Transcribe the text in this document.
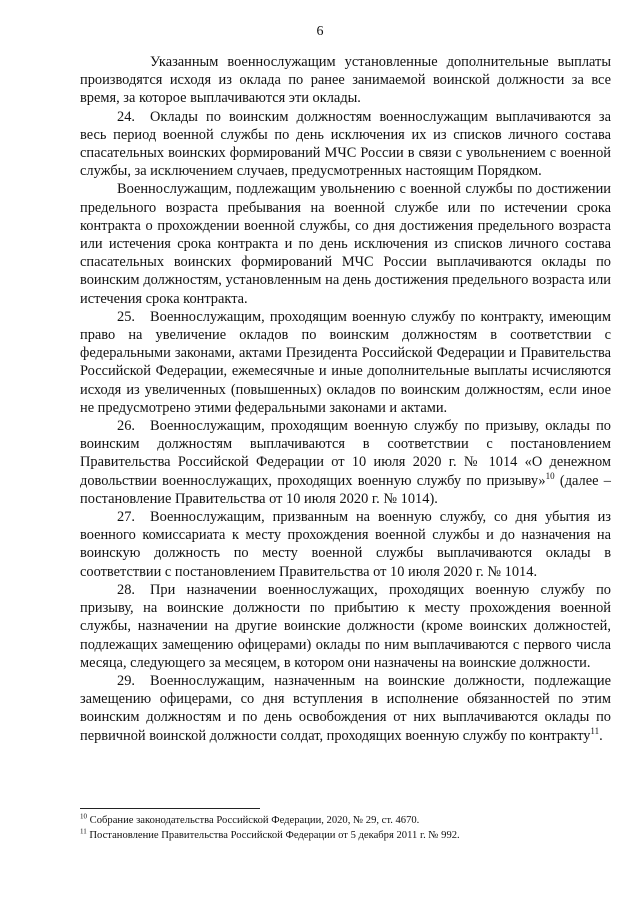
6

Указанным военнослужащим установленные дополнительные выплаты производятся исходя из оклада по ранее занимаемой воинской должности за все время, за которое выплачиваются эти оклады.

24. Оклады по воинским должностям военнослужащим выплачиваются за весь период военной службы по день исключения их из списков личного состава спасательных воинских формирований МЧС России в связи с увольнением с военной службы, за исключением случаев, предусмотренных настоящим Порядком.

Военнослужащим, подлежащим увольнению с военной службы по достижении предельного возраста пребывания на военной службе или по истечении срока контракта о прохождении военной службы, со дня достижения предельного возраста или истечения срока контракта и по день исключения из списков личного состава спасательных воинских формирований МЧС России выплачиваются оклады по воинским должностям, установленным на день достижения предельного возраста или истечения срока контракта.

25. Военнослужащим, проходящим военную службу по контракту, имеющим право на увеличение окладов по воинским должностям в соответствии с федеральными законами, актами Президента Российской Федерации и Правительства Российской Федерации, ежемесячные и иные дополнительные выплаты исчисляются исходя из увеличенных (повышенных) окладов по воинским должностям, если иное не предусмотрено этими федеральными законами и актами.

26. Военнослужащим, проходящим военную службу по призыву, оклады по воинским должностям выплачиваются в соответствии с постановлением Правительства Российской Федерации от 10 июля 2020 г. № 1014 «О денежном довольствии военнослужащих, проходящих военную службу по призыву»$^{10}$ (далее – постановление Правительства от 10 июля 2020 г. № 1014).

27. Военнослужащим, призванным на военную службу, со дня убытия из военного комиссариата к месту прохождения военной службы и до назначения на воинскую должность по месту военной службы выплачиваются оклады в соответствии с постановлением Правительства от 10 июля 2020 г. № 1014.

28. При назначении военнослужащих, проходящих военную службу по призыву, на воинские должности по прибытию к месту прохождения военной службы, назначении на другие воинские должности (кроме воинских должностей, подлежащих замещению офицерами) оклады по ним выплачиваются с первого числа месяца, следующего за месяцем, в котором они назначены на воинские должности.

29. Военнослужащим, назначенным на воинские должности, подлежащие замещению офицерами, со дня вступления в исполнение обязанностей по этим воинским должностям и по день освобождения от них выплачиваются оклады по первичной воинской должности солдат, проходящих военную службу по контракту$^{11}$.

$^{10}$ Собрание законодательства Российской Федерации, 2020, № 29, ст. 4670.

$^{11}$ Постановление Правительства Российской Федерации от 5 декабря 2011 г. № 992.
